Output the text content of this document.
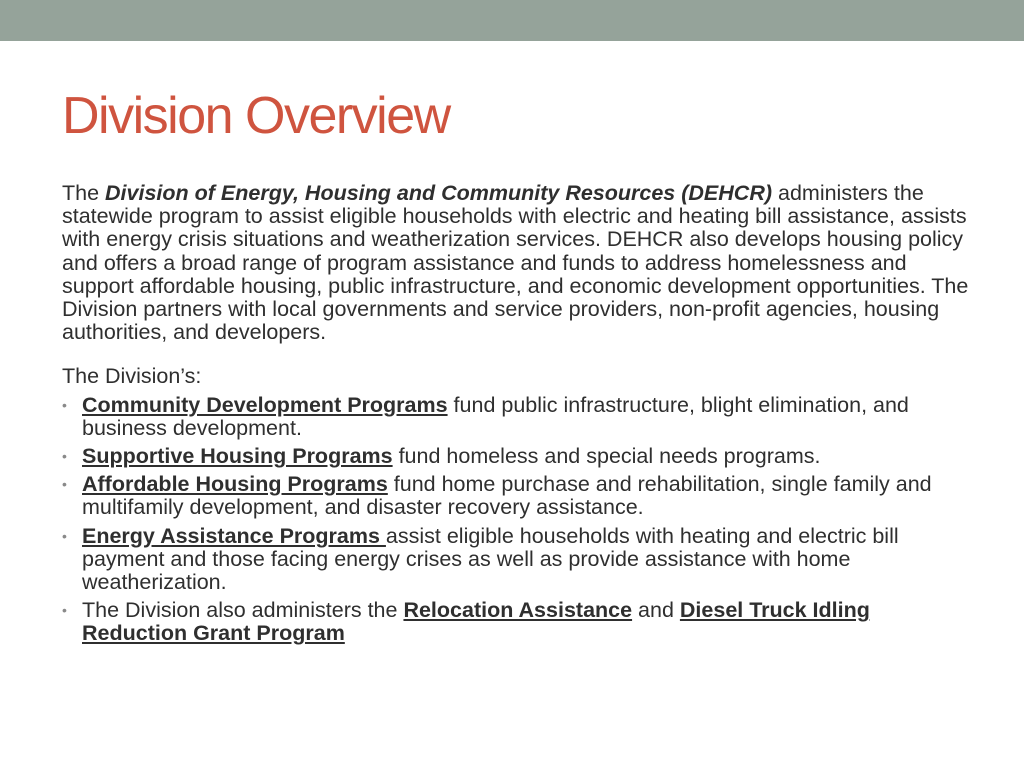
Division Overview

The Division of Energy, Housing and Community Resources (DEHCR) administers the statewide program to assist eligible households with electric and heating bill assistance, assists with energy crisis situations and weatherization services. DEHCR also develops housing policy and offers a broad range of program assistance and funds to address homelessness and support affordable housing, public infrastructure, and economic development opportunities. The Division partners with local governments and service providers, non-profit agencies, housing authorities, and developers.

The Division’s:

• Community Development Programs fund public infrastructure, blight elimination, and business development.
• Supportive Housing Programs fund homeless and special needs programs.
• Affordable Housing Programs fund home purchase and rehabilitation, single family and multifamily development, and disaster recovery assistance.
• Energy Assistance Programs assist eligible households with heating and electric bill payment and those facing energy crises as well as provide assistance with home weatherization.
• The Division also administers the Relocation Assistance and Diesel Truck Idling Reduction Grant Program
